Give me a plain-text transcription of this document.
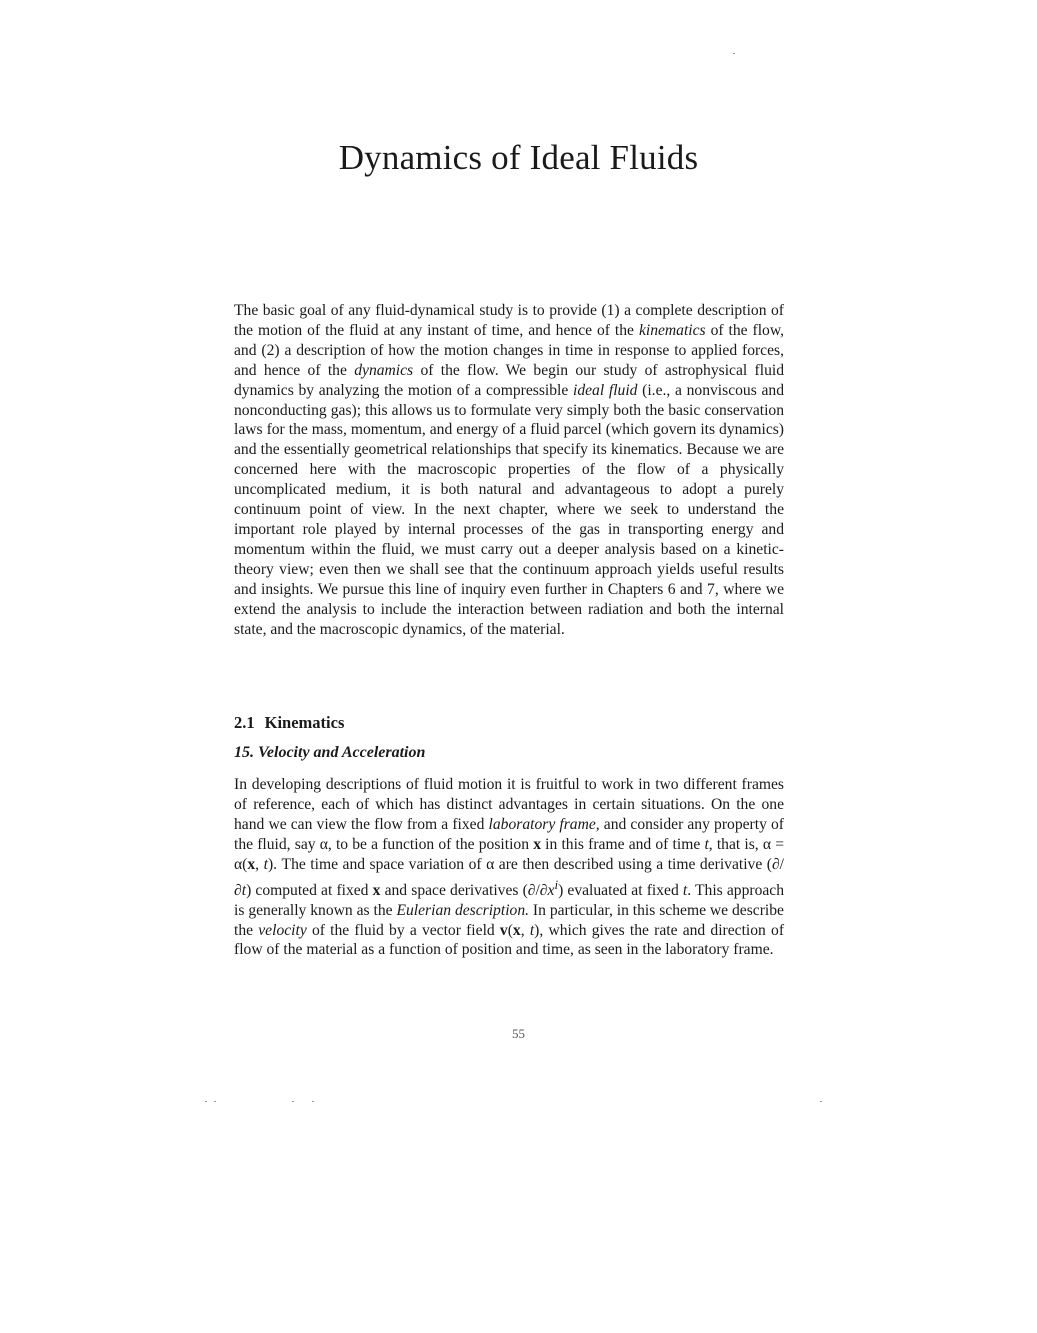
Dynamics of Ideal Fluids

The basic goal of any fluid-dynamical study is to provide (1) a complete description of the motion of the fluid at any instant of time, and hence of the kinematics of the flow, and (2) a description of how the motion changes in time in response to applied forces, and hence of the dynamics of the flow. We begin our study of astrophysical fluid dynamics by analyzing the motion of a compressible ideal fluid (i.e., a nonviscous and nonconducting gas); this allows us to formulate very simply both the basic conservation laws for the mass, momentum, and energy of a fluid parcel (which govern its dynamics) and the essentially geometrical relationships that specify its kinematics. Because we are concerned here with the macroscopic properties of the flow of a physically uncomplicated medium, it is both natural and advantageous to adopt a purely continuum point of view. In the next chapter, where we seek to understand the important role played by internal processes of the gas in transporting energy and momentum within the fluid, we must carry out a deeper analysis based on a kinetic-theory view; even then we shall see that the continuum approach yields useful results and insights. We pursue this line of inquiry even further in Chapters 6 and 7, where we extend the analysis to include the interaction between radiation and both the internal state, and the macroscopic dynamics, of the material.

2.1 Kinematics
15. Velocity and Acceleration

In developing descriptions of fluid motion it is fruitful to work in two different frames of reference, each of which has distinct advantages in certain situations. On the one hand we can view the flow from a fixed laboratory frame, and consider any property of the fluid, say α, to be a function of the position x in this frame and of time t, that is, α = α(x, t). The time and space variation of α are then described using a time derivative (∂/∂t) computed at fixed x and space derivatives $(\partial/\partial x^i)$ evaluated at fixed t. This approach is generally known as the Eulerian description. In particular, in this scheme we describe the velocity of the fluid by a vector field v(x, t), which gives the rate and direction of flow of the material as a function of position and time, as seen in the laboratory frame.

55
